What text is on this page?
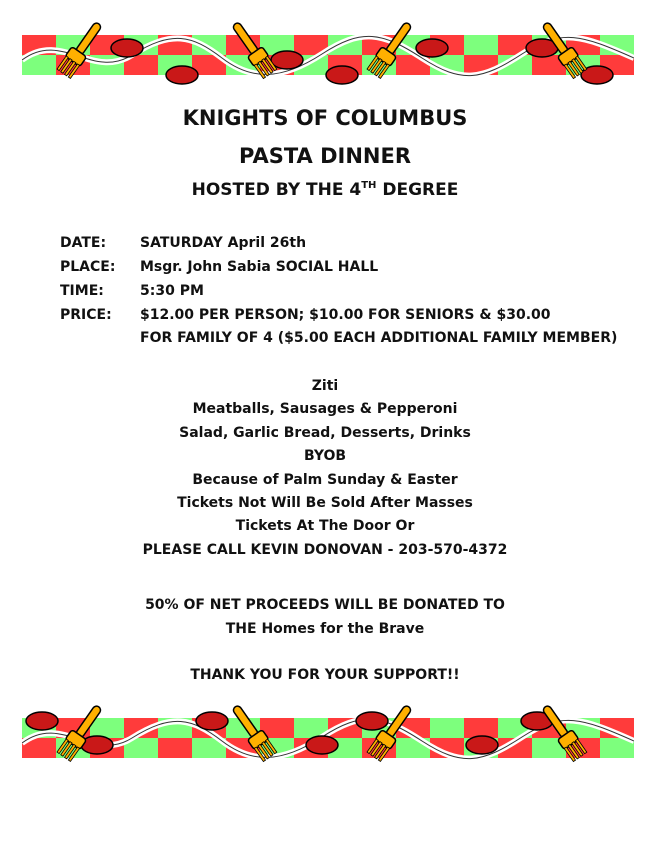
KNIGHTS OF COLUMBUS
PASTA DINNER
HOSTED BY THE 4TH DEGREE
DATE:	SATURDAY April 26th
PLACE:	Msgr. John Sabia SOCIAL HALL
TIME:	5:30 PM
PRICE:	$12.00 PER PERSON; $10.00 FOR SENIORS & $30.00
FOR FAMILY OF 4 ($5.00 EACH ADDITIONAL FAMILY MEMBER)
Ziti
Meatballs, Sausages & Pepperoni
Salad, Garlic Bread, Desserts, Drinks
BYOB
Because of Palm Sunday & Easter
Tickets Not Will Be Sold After Masses
Tickets At The Door Or
PLEASE CALL KEVIN DONOVAN - 203-570-4372
50% OF NET PROCEEDS WILL BE DONATED TO
THE Homes for the Brave
THANK YOU FOR YOUR SUPPORT!!
